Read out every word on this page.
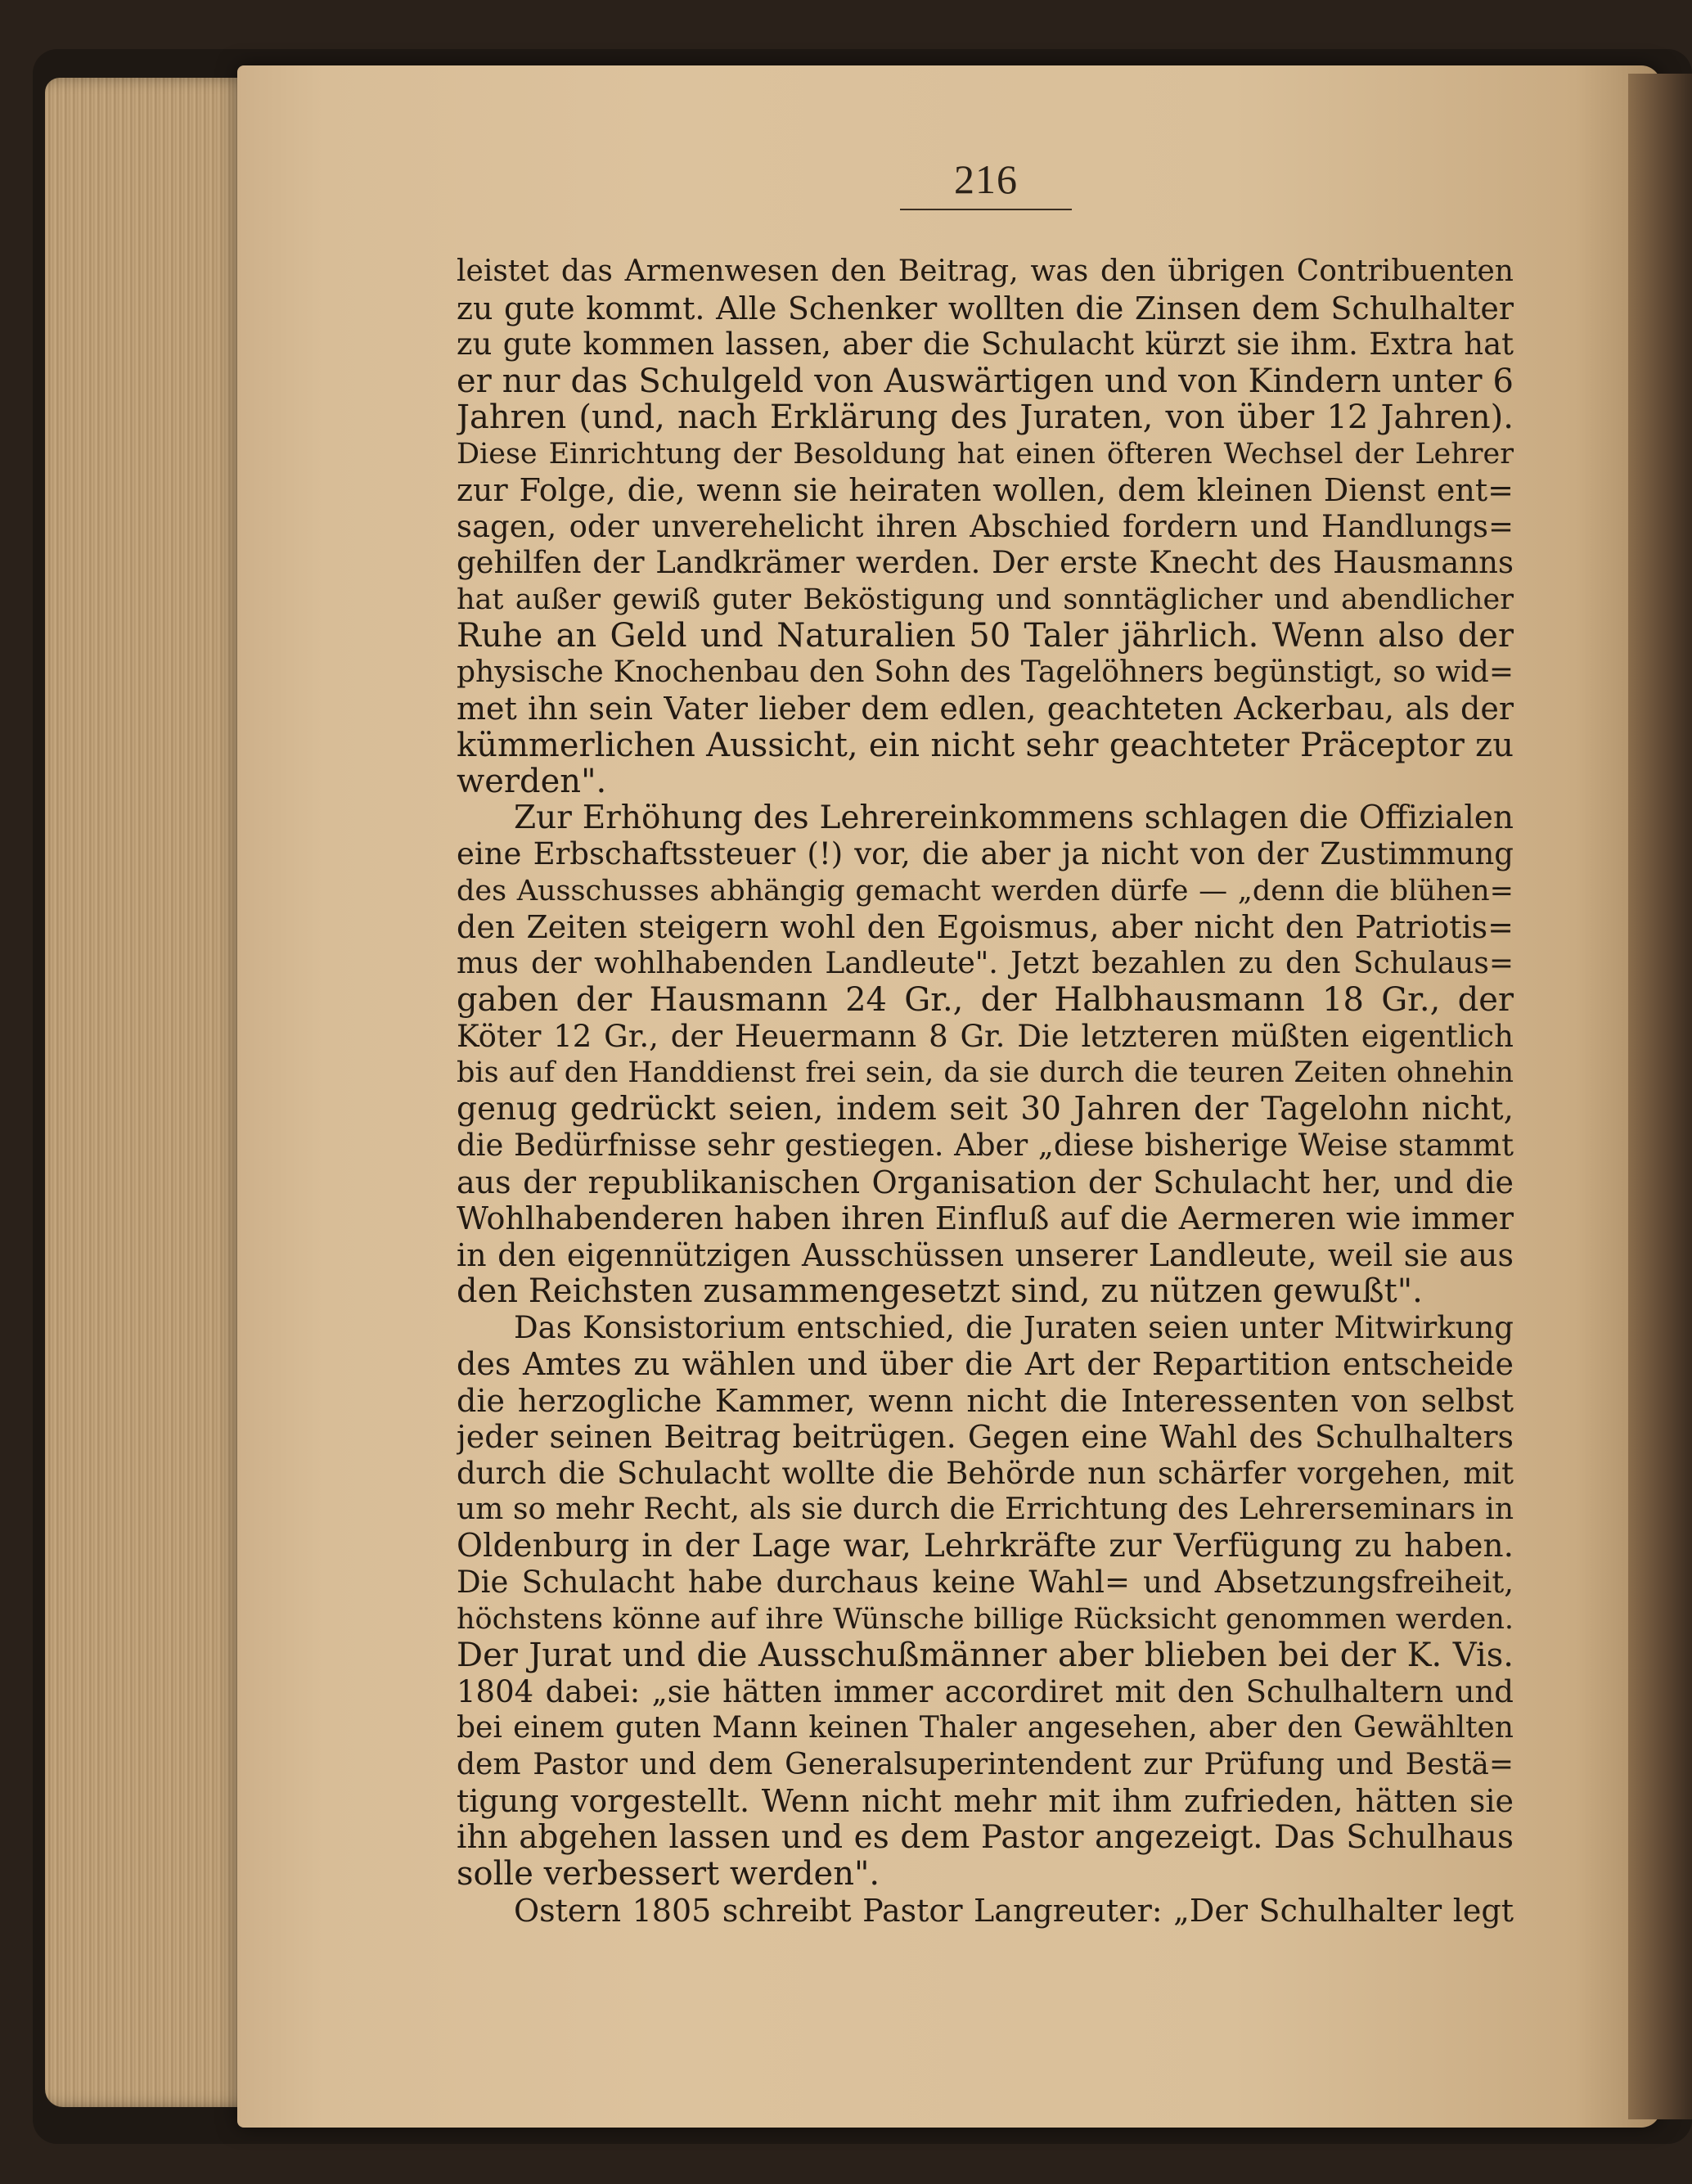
216
leistet das Armenwesen den Beitrag, was den übrigen Contribuenten
zu gute kommt. Alle Schenker wollten die Zinsen dem Schulhalter
zu gute kommen lassen, aber die Schulacht kürzt sie ihm. Extra hat
er nur das Schulgeld von Auswärtigen und von Kindern unter 6
Jahren (und, nach Erklärung des Juraten, von über 12 Jahren).
Diese Einrichtung der Besoldung hat einen öfteren Wechsel der Lehrer
zur Folge, die, wenn sie heiraten wollen, dem kleinen Dienst ent=
sagen, oder unverehelicht ihren Abschied fordern und Handlungs=
gehilfen der Landkrämer werden. Der erste Knecht des Hausmanns
hat außer gewiß guter Beköstigung und sonntäglicher und abendlicher
Ruhe an Geld und Naturalien 50 Taler jährlich. Wenn also der
physische Knochenbau den Sohn des Tagelöhners begünstigt, so wid=
met ihn sein Vater lieber dem edlen, geachteten Ackerbau, als der
kümmerlichen Aussicht, ein nicht sehr geachteter Präceptor zu
werden".
Zur Erhöhung des Lehrereinkommens schlagen die Offizialen
eine Erbschaftssteuer (!) vor, die aber ja nicht von der Zustimmung
des Ausschusses abhängig gemacht werden dürfe — „denn die blühen=
den Zeiten steigern wohl den Egoismus, aber nicht den Patriotis=
mus der wohlhabenden Landleute". Jetzt bezahlen zu den Schulaus=
gaben der Hausmann 24 Gr., der Halbhausmann 18 Gr., der
Köter 12 Gr., der Heuermann 8 Gr. Die letzteren müßten eigentlich
bis auf den Handdienst frei sein, da sie durch die teuren Zeiten ohnehin
genug gedrückt seien, indem seit 30 Jahren der Tagelohn nicht,
die Bedürfnisse sehr gestiegen. Aber „diese bisherige Weise stammt
aus der republikanischen Organisation der Schulacht her, und die
Wohlhabenderen haben ihren Einfluß auf die Aermeren wie immer
in den eigennützigen Ausschüssen unserer Landleute, weil sie aus
den Reichsten zusammengesetzt sind, zu nützen gewußt".
Das Konsistorium entschied, die Juraten seien unter Mitwirkung
des Amtes zu wählen und über die Art der Repartition entscheide
die herzogliche Kammer, wenn nicht die Interessenten von selbst
jeder seinen Beitrag beitrügen. Gegen eine Wahl des Schulhalters
durch die Schulacht wollte die Behörde nun schärfer vorgehen, mit
um so mehr Recht, als sie durch die Errichtung des Lehrerseminars in
Oldenburg in der Lage war, Lehrkräfte zur Verfügung zu haben.
Die Schulacht habe durchaus keine Wahl= und Absetzungsfreiheit,
höchstens könne auf ihre Wünsche billige Rücksicht genommen werden.
Der Jurat und die Ausschußmänner aber blieben bei der K. Vis.
1804 dabei: „sie hätten immer accordiret mit den Schulhaltern und
bei einem guten Mann keinen Thaler angesehen, aber den Gewählten
dem Pastor und dem Generalsuperintendent zur Prüfung und Bestä=
tigung vorgestellt. Wenn nicht mehr mit ihm zufrieden, hätten sie
ihn abgehen lassen und es dem Pastor angezeigt. Das Schulhaus
solle verbessert werden".
Ostern 1805 schreibt Pastor Langreuter: „Der Schulhalter legt
